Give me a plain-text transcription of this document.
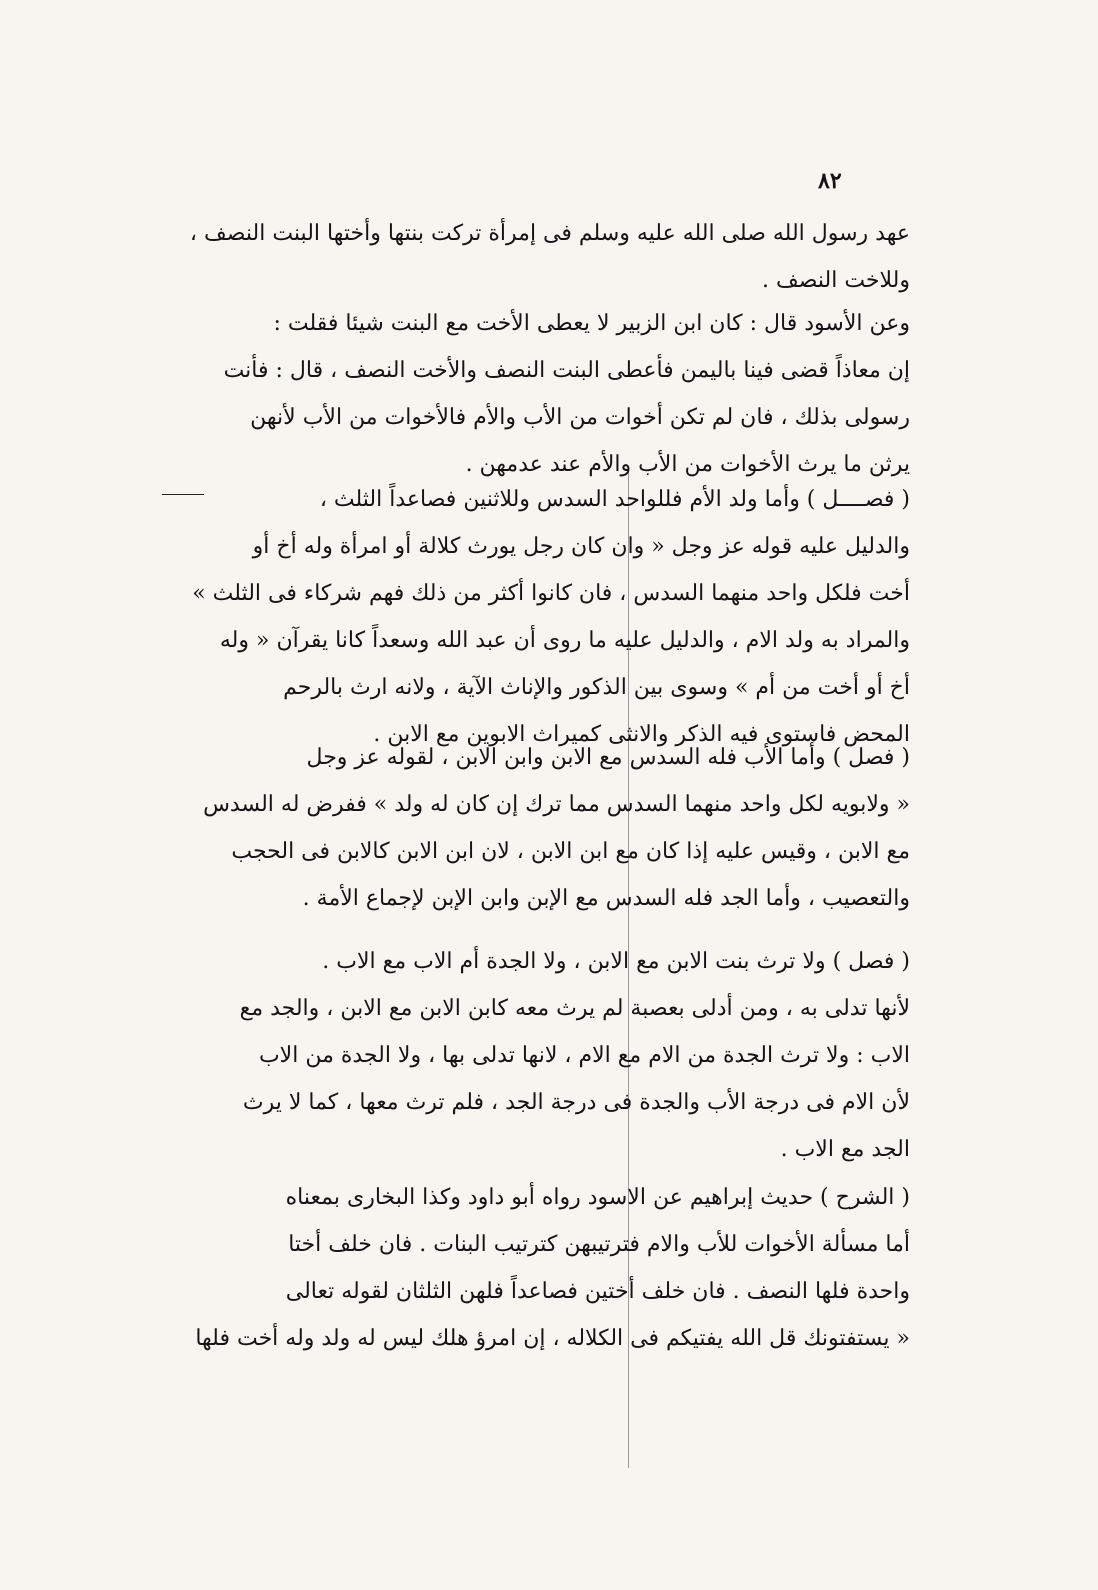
٨٢

عهد رسول الله صلى الله عليه وسلم فى إمرأة تركت بنتها وأختها البنت النصف ،
وللاخت النصف .

وعن الأسود قال : كان ابن الزبير لا يعطى الأخت مع البنت شيئا فقلت :
إن معاذاً قضى فينا باليمن فأعطى البنت النصف والأخت النصف ، قال : فأنت
رسولى بذلك ، فان لم تكن أخوات من الأب والأم فالأخوات من الأب لأنهن
يرثن ما يرث الأخوات من الأب والأم عند عدمهن .

( فصــــل ) وأما ولد الأم فللواحد السدس وللاثنين فصاعداً الثلث ،
والدليل عليه قوله عز وجل « وان كان رجل يورث كلالة أو امرأة وله أخ أو
أخت فلكل واحد منهما السدس ، فان كانوا أكثر من ذلك فهم شركاء فى الثلث »
والمراد به ولد الام ، والدليل عليه ما روى أن عبد الله وسعداً كانا يقرآن « وله
أخ أو أخت من أم » وسوى بين الذكور والإناث الآية ، ولانه ارث بالرحم
المحض فاستوى فيه الذكر والانثى كميراث الابوين مع الابن .

( فصل ) وأما الأب فله السدس مع الابن وابن الابن ، لقوله عز وجل
« ولابويه لكل واحد منهما السدس مما ترك إن كان له ولد » ففرض له السدس
مع الابن ، وقيس عليه إذا كان مع ابن الابن ، لان ابن الابن كالابن فى الحجب
والتعصيب ، وأما الجد فله السدس مع الإبن وابن الإبن لإجماع الأمة .

( فصل ) ولا ترث بنت الابن مع الابن ، ولا الجدة أم الاب مع الاب .
لأنها تدلى به ، ومن أدلى بعصبة لم يرث معه كابن الابن مع الابن ، والجد مع
الاب : ولا ترث الجدة من الام مع الام ، لانها تدلى بها ، ولا الجدة من الاب
لأن الام فى درجة الأب والجدة فى درجة الجد ، فلم ترث معها ، كما لا يرث
الجد مع الاب .

( الشرح ) حديث إبراهيم عن الاسود رواه أبو داود وكذا البخارى بمعناه
أما مسألة الأخوات للأب والام فترتيبهن كترتيب البنات . فان خلف أختا
واحدة فلها النصف . فان خلف أختين فصاعداً فلهن الثلثان لقوله تعالى
« يستفتونك قل الله يفتيكم فى الكلاله ، إن امرؤ هلك ليس له ولد وله أخت فلها
